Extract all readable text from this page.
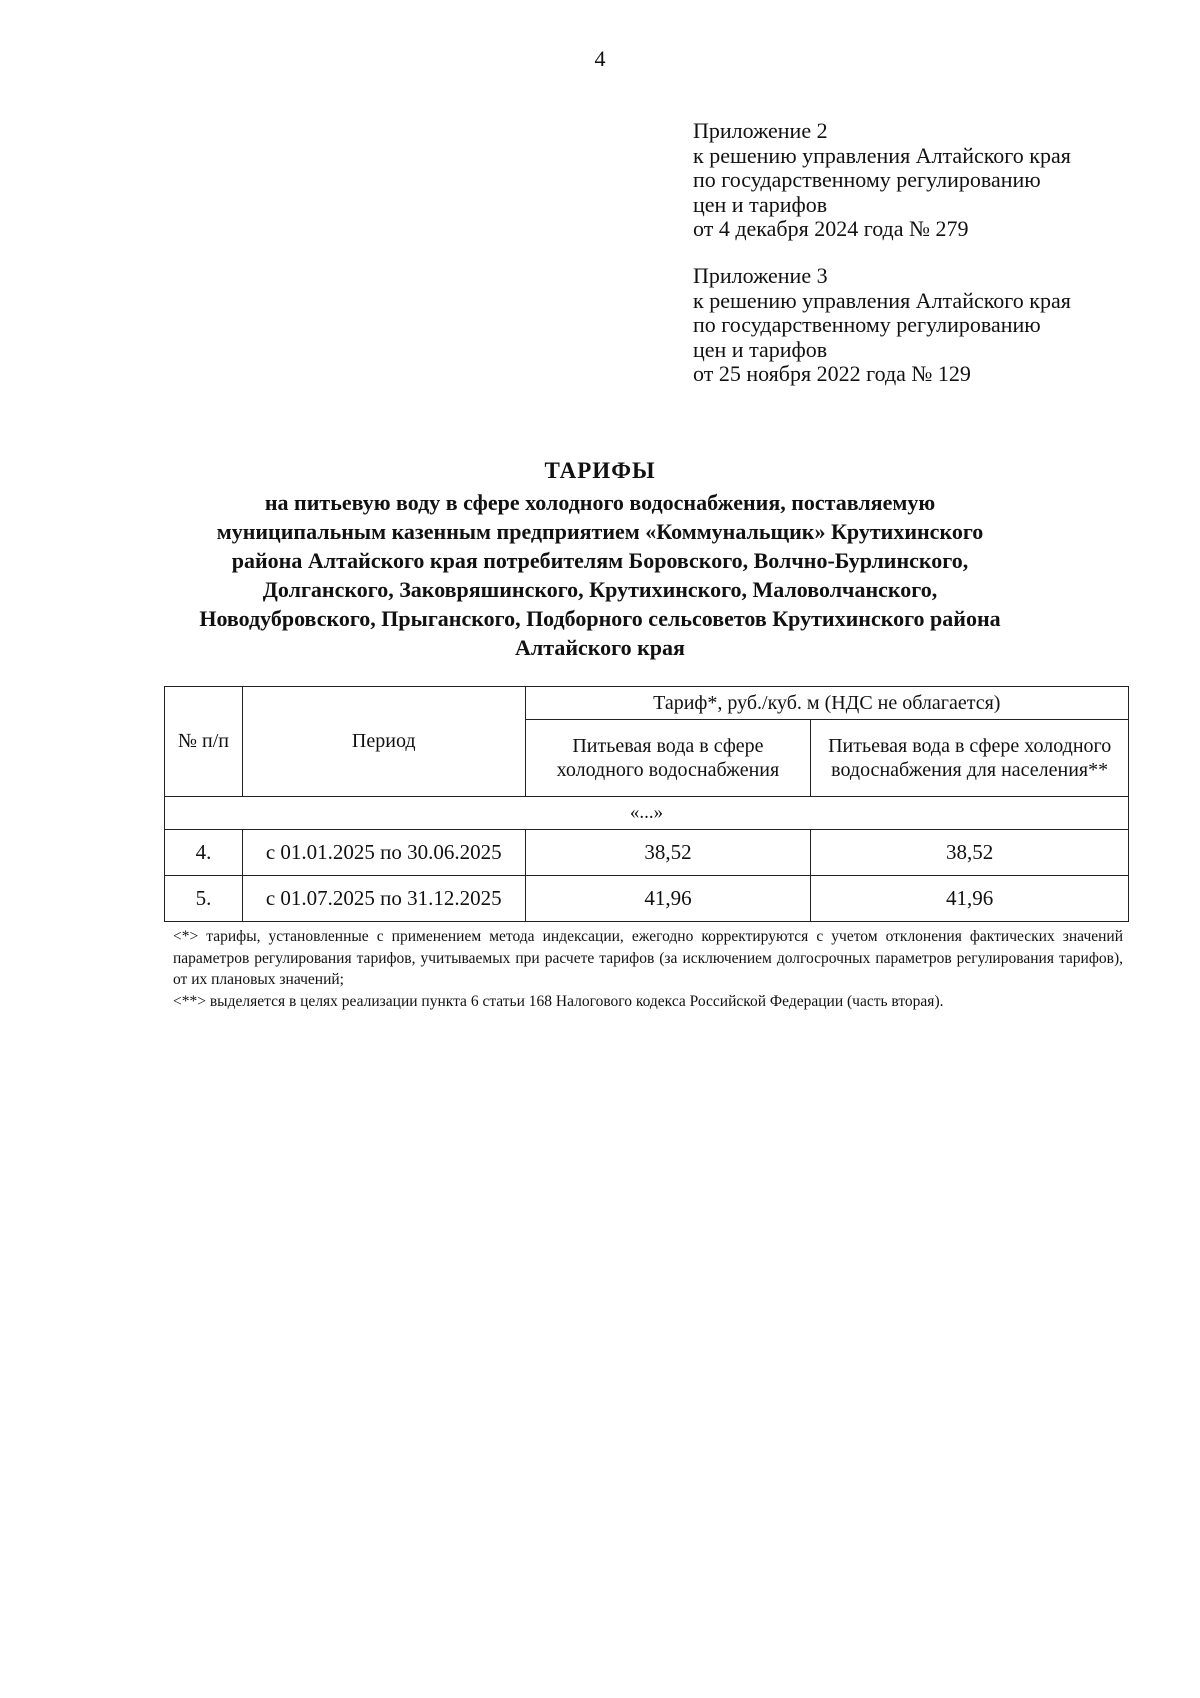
4
Приложение 2
к решению управления Алтайского края
по государственному регулированию
цен и тарифов
от 4 декабря 2024 года № 279
Приложение 3
к решению управления Алтайского края
по государственному регулированию
цен и тарифов
от 25 ноября 2022 года № 129
ТАРИФЫ
на питьевую воду в сфере холодного водоснабжения, поставляемую
муниципальным казенным предприятием «Коммунальщик» Крутихинского
района Алтайского края потребителям Боровского, Волчно-Бурлинского,
Долганского, Заковряшинского, Крутихинского, Маловолчанского,
Новодубровского, Прыганского, Подборного сельсоветов Крутихинского района
Алтайского края
№ п/п	Период	Тариф*, руб./куб. м (НДС не облагается)	
		Питьевая вода в сфере холодного водоснабжения	Питьевая вода в сфере холодного водоснабжения для населения**
«...»			
4.	с 01.01.2025 по 30.06.2025	38,52	38,52
5.	с 01.07.2025 по 31.12.2025	41,96	41,96
<*> тарифы, установленные с применением метода индексации, ежегодно корректируются с учетом отклонения фактических значений параметров регулирования тарифов, учитываемых при расчете тарифов (за исключением долгосрочных параметров регулирования тарифов), от их плановых значений;
<**> выделяется в целях реализации пункта 6 статьи 168 Налогового кодекса Российской Федерации (часть вторая).
